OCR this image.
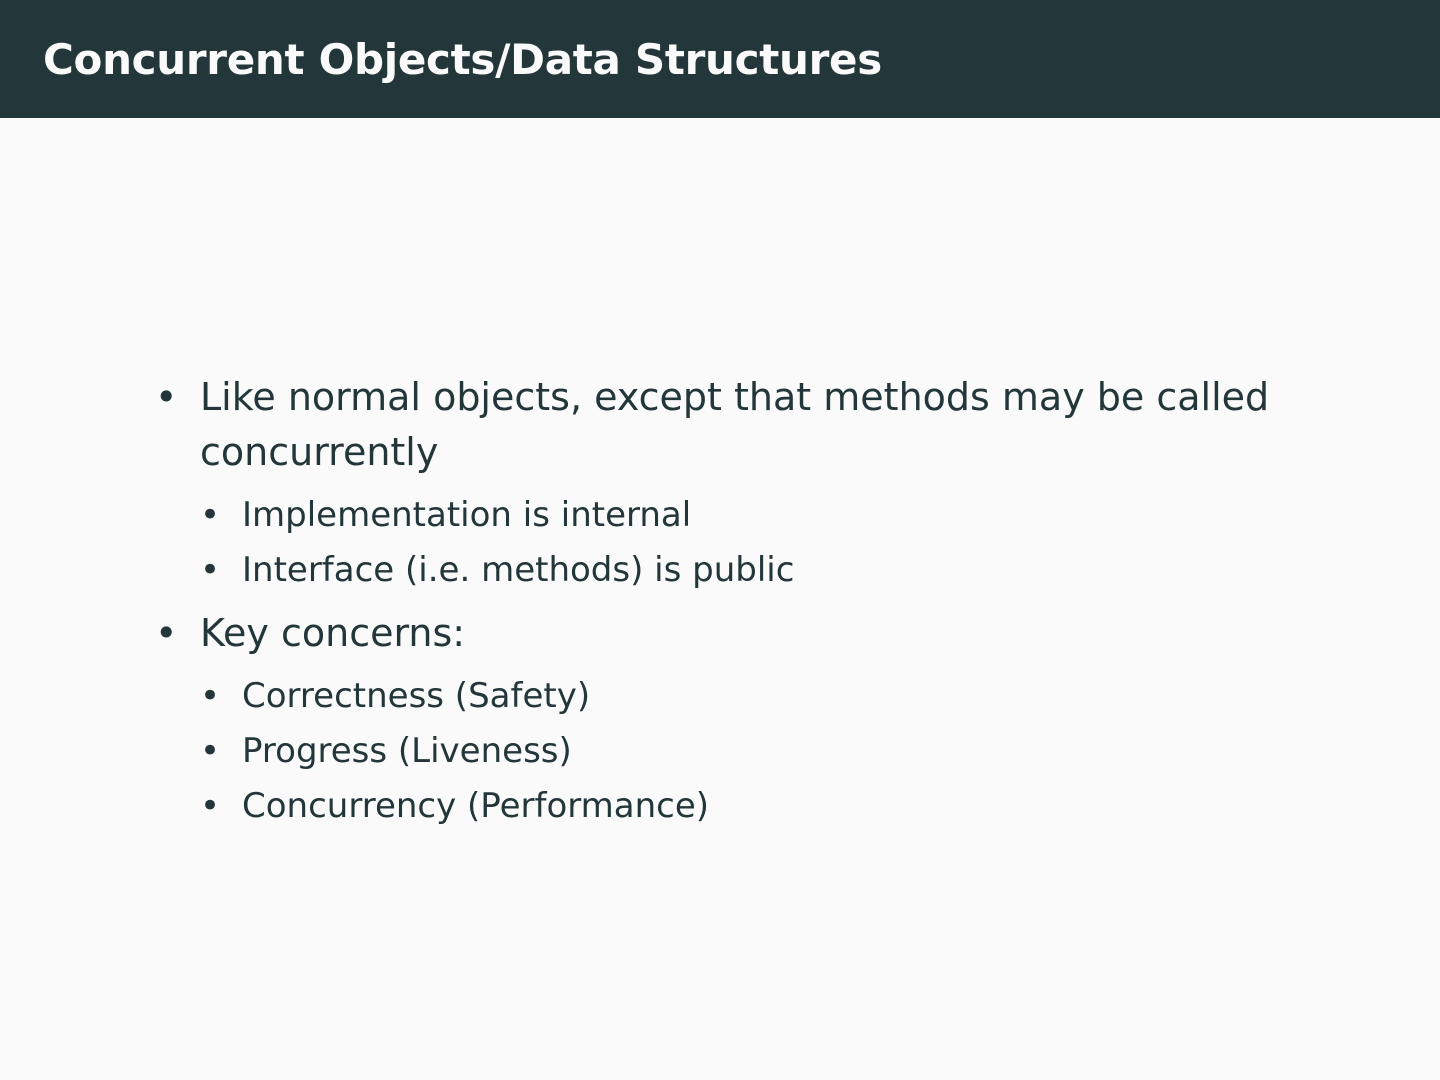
Concurrent Objects/Data Structures
• Like normal objects, except that methods may be called concurrently
• Implementation is internal
• Interface (i.e. methods) is public
• Key concerns:
• Correctness (Safety)
• Progress (Liveness)
• Concurrency (Performance)
